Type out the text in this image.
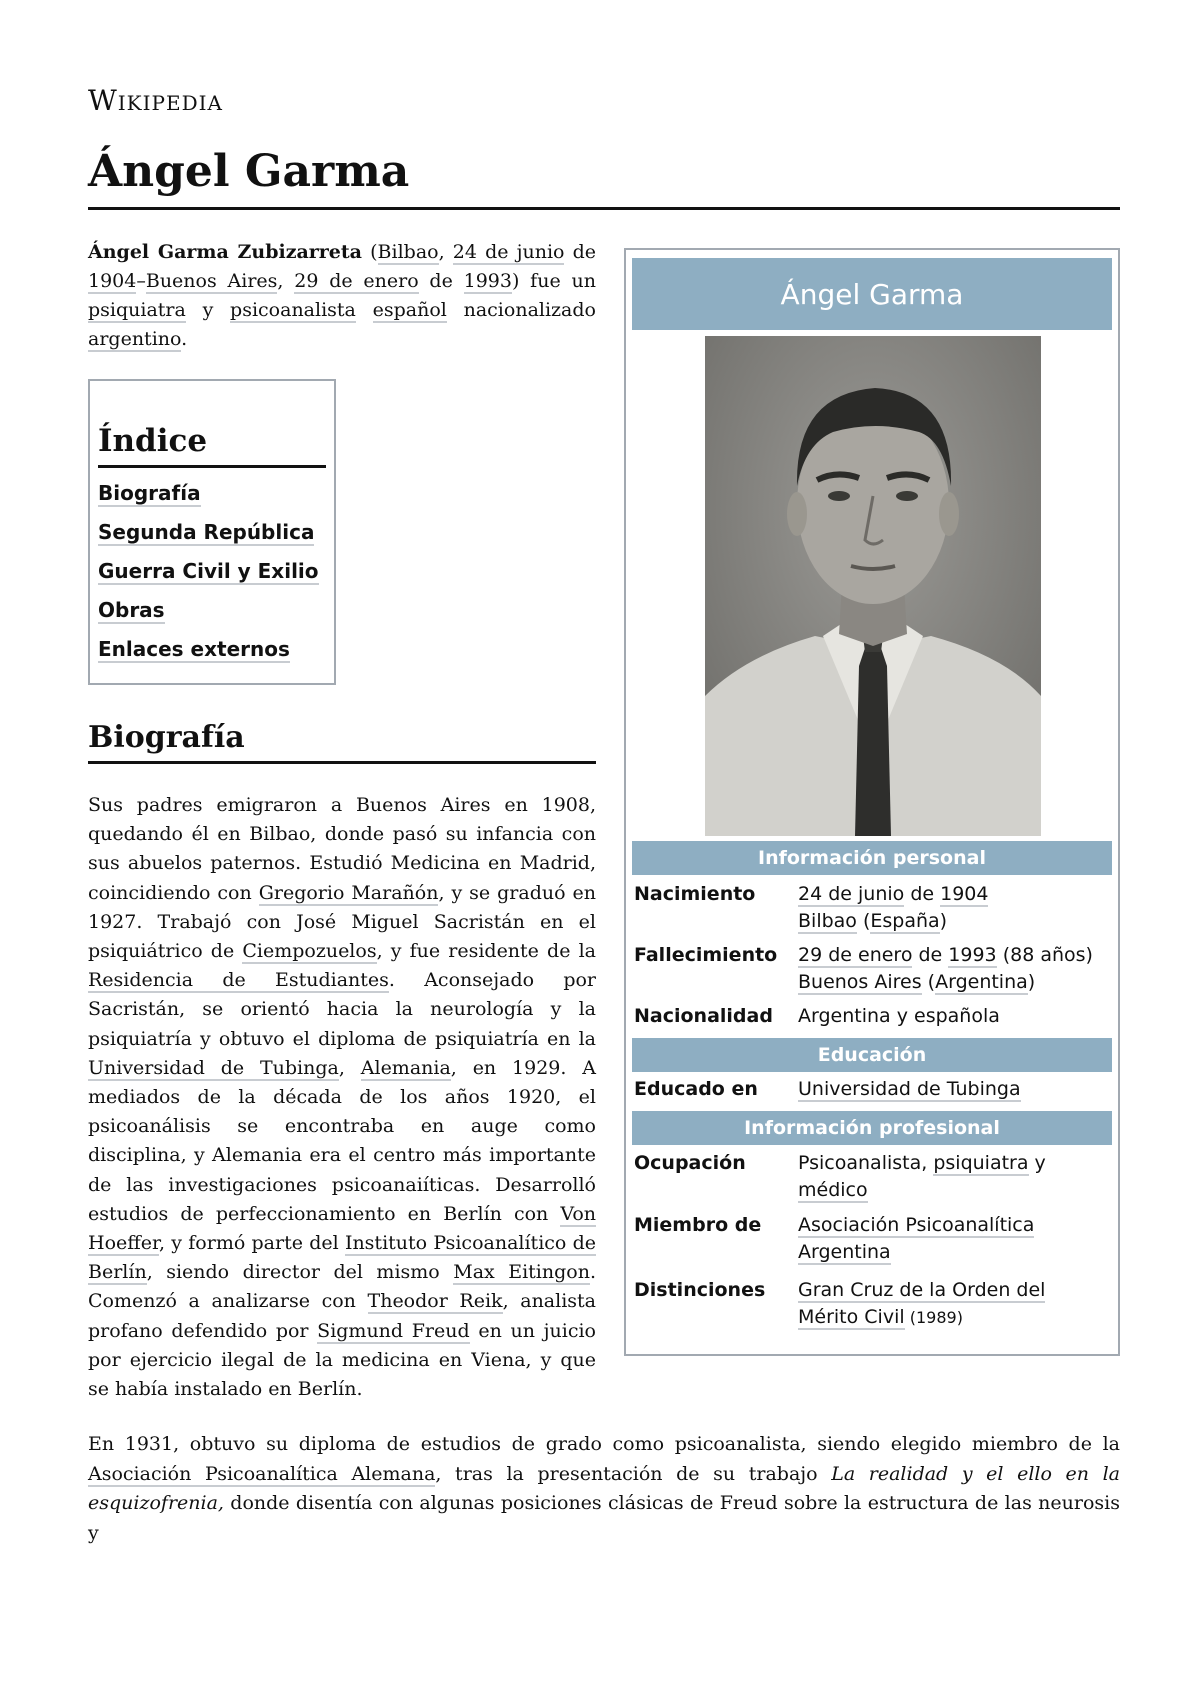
Wikipedia
Ángel Garma

Ángel Garma Zubizarreta (Bilbao, 24 de junio de 1904–Buenos Aires, 29 de enero de 1993) fue un psiquiatra y psicoanalista español nacionalizado argentino.

Índice
Biografía
Segunda República
Guerra Civil y Exilio
Obras
Enlaces externos
Biografía

Sus padres emigraron a Buenos Aires en 1908, quedando él en Bilbao, donde pasó su infancia con sus abuelos paternos. Estudió Medicina en Madrid, coincidiendo con Gregorio Marañón, y se graduó en 1927. Trabajó con José Miguel Sacristán en el psiquiátrico de Ciempozuelos, y fue residente de la Residencia de Estudiantes. Aconsejado por Sacristán, se orientó hacia la neurología y la psiquiatría y obtuvo el diploma de psiquiatría en la Universidad de Tubinga, Alemania, en 1929. A mediados de la década de los años 1920, el psicoanálisis se encontraba en auge como disciplina, y Alemania era el centro más importante de las investigaciones psicoanaiíticas. Desarrolló estudios de perfeccionamiento en Berlín con Von Hoeffer, y formó parte del Instituto Psicoanalítico de Berlín, siendo director del mismo Max Eitingon. Comenzó a analizarse con Theodor Reik, analista profano defendido por Sigmund Freud en un juicio por ejercicio ilegal de la medicina en Viena, y que se había instalado en Berlín.

En 1931, obtuvo su diploma de estudios de grado como psicoanalista, siendo elegido miembro de la Asociación Psicoanalítica Alemana, tras la presentación de su trabajo La realidad y el ello en la esquizofrenia, donde disentía con algunas posiciones clásicas de Freud sobre la estructura de las neurosis y

Ángel Garma
Información personal
Nacimiento	24 de junio de 1904
Bilbao (España)
Fallecimiento	29 de enero de 1993 (88 años)
Buenos Aires (Argentina)
Nacionalidad	Argentina y española
Educación
Educado en	Universidad de Tubinga
Información profesional
Ocupación	Psicoanalista, psiquiatra y
médico
Miembro de	Asociación Psicoanalítica Argentina
Distinciones	Gran Cruz de la Orden del Mérito Civil (1989)
